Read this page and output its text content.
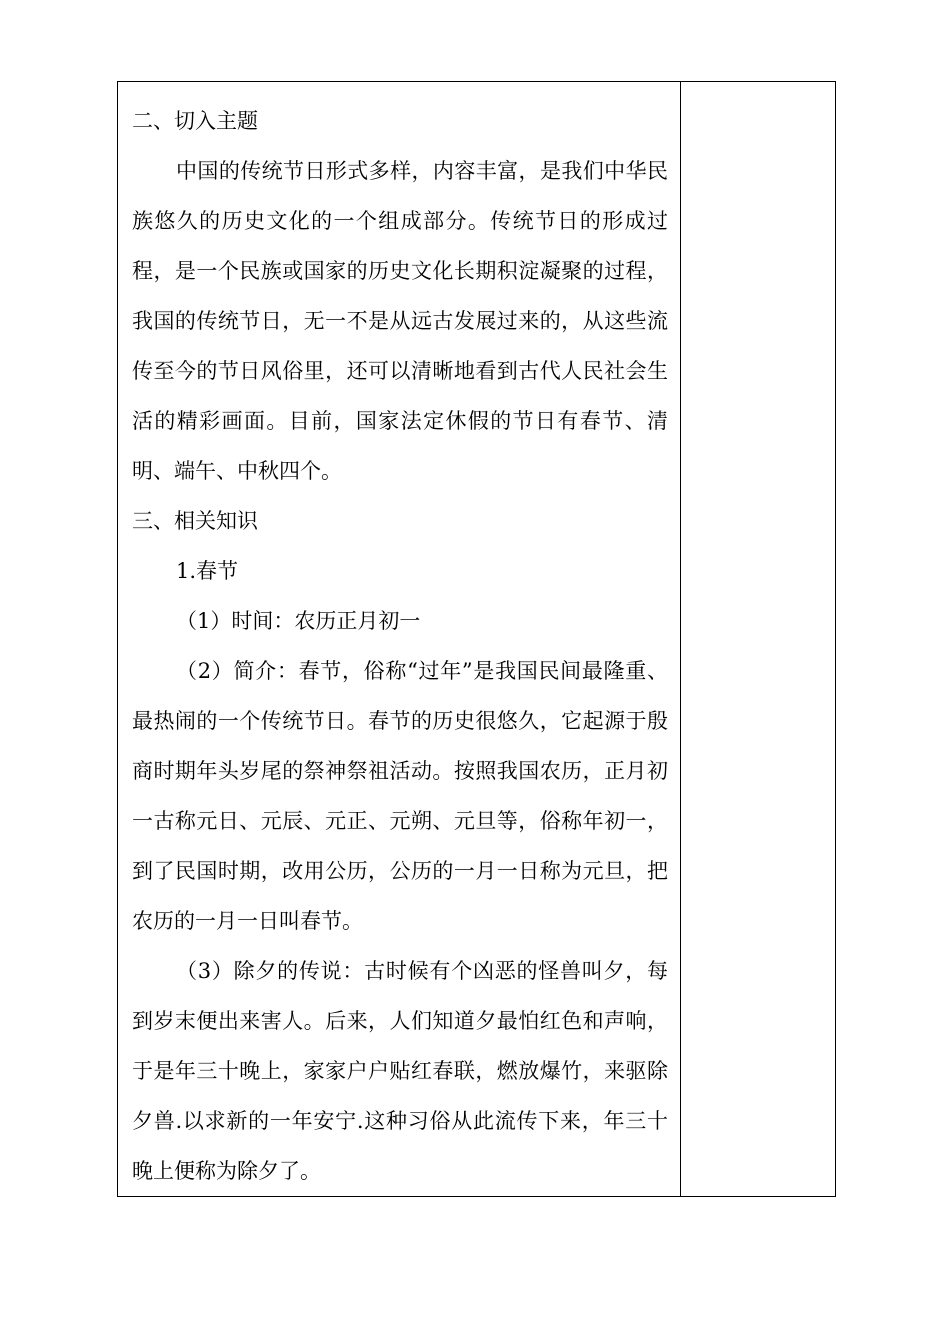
二、切入主题

中国的传统节日形式多样，内容丰富，是我们中华民族悠久的历史文化的一个组成部分。传统节日的形成过程，是一个民族或国家的历史文化长期积淀凝聚的过程，我国的传统节日，无一不是从远古发展过来的，从这些流传至今的节日风俗里，还可以清晰地看到古代人民社会生活的精彩画面。目前，国家法定休假的节日有春节、清明、端午、中秋四个。

三、相关知识

1.春节

（1）时间：农历正月初一

（2）简介：春节，俗称“过年”是我国民间最隆重、最热闹的一个传统节日。春节的历史很悠久，它起源于殷商时期年头岁尾的祭神祭祖活动。按照我国农历，正月初一古称元日、元辰、元正、元朔、元旦等，俗称年初一，到了民国时期，改用公历，公历的一月一日称为元旦，把农历的一月一日叫春节。

（3）除夕的传说：古时候有个凶恶的怪兽叫夕，每到岁末便出来害人。后来，人们知道夕最怕红色和声响，于是年三十晚上，家家户户贴红春联，燃放爆竹，来驱除夕兽.以求新的一年安宁.这种习俗从此流传下来，年三十晚上便称为除夕了。
